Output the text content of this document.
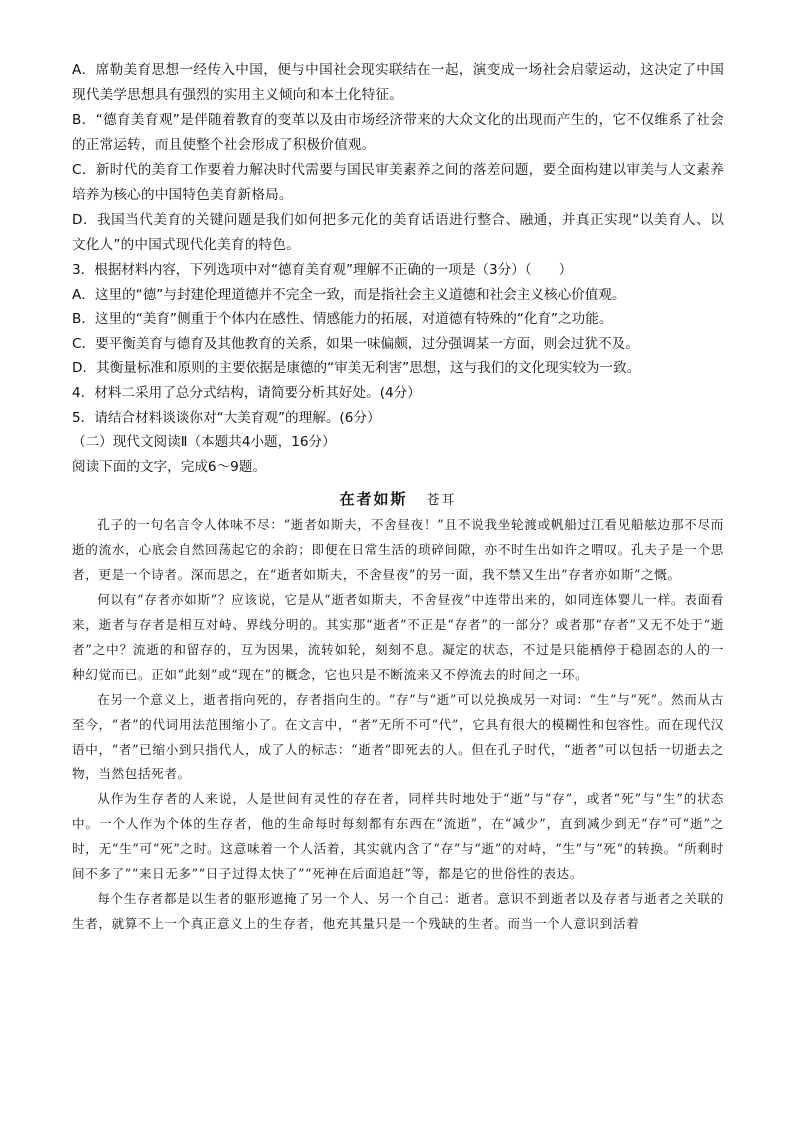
A．席勒美育思想一经传入中国，便与中国社会现实联结在一起，演变成一场社会启蒙运动，这决定了中国现代美学思想具有强烈的实用主义倾向和本土化特征。

B．“德育美育观”是伴随着教育的变革以及由市场经济带来的大众文化的出现而产生的，它不仅维系了社会的正常运转，而且使整个社会形成了积极价值观。

C．新时代的美育工作要着力解决时代需要与国民审美素养之间的落差问题，要全面构建以审美与人文素养培养为核心的中国特色美育新格局。

D．我国当代美育的关键问题是我们如何把多元化的美育话语进行整合、融通，并真正实现“以美育人、以文化人”的中国式现代化美育的特色。

3．根据材料内容，下列选项中对“德育美育观”理解不正确的一项是（3分）（　　）

A．这里的“德”与封建伦理道德并不完全一致，而是指社会主义道德和社会主义核心价值观。

B．这里的“美育”侧重于个体内在感性、情感能力的拓展，对道德有特殊的“化育”之功能。

C．要平衡美育与德育及其他教育的关系，如果一味偏颇，过分强调某一方面，则会过犹不及。

D．其衡量标准和原则的主要依据是康德的“审美无利害”思想，这与我们的文化现实较为一致。

4．材料二采用了总分式结构，请简要分析其好处。(4分）

5．请结合材料谈谈你对“大美育观”的理解。(6分）

（二）现代文阅读Ⅱ（本题共4小题，16分）

阅读下面的文字，完成6～9题。

在者如斯 苍耳

孔子的一句名言令人体味不尽：“逝者如斯夫，不舍昼夜！”且不说我坐轮渡或帆船过江看见船舷边那不尽而逝的流水，心底会自然回荡起它的余韵；即便在日常生活的琐碎间隙，亦不时生出如许之喟叹。孔夫子是一个思者，更是一个诗者。深而思之，在“逝者如斯夫，不舍昼夜”的另一面，我不禁又生出“存者亦如斯”之慨。

何以有“存者亦如斯”？应该说，它是从“逝者如斯夫，不舍昼夜”中连带出来的，如同连体婴儿一样。表面看来，逝者与存者是相互对峙、界线分明的。其实那“逝者”不正是“存者”的一部分？或者那“存者”又无不处于“逝者”之中？流逝的和留存的，互为因果，流转如轮，刻刻不息。凝定的状态，不过是只能栖停于稳固态的人的一种幻觉而已。正如“此刻”或“现在”的概念，它也只是不断流来又不停流去的时间之一环。

在另一个意义上，逝者指向死的，存者指向生的。“存”与“逝”可以兑换成另一对词：“生”与“死”。然而从古至今，“者”的代词用法范围缩小了。在文言中，“者”无所不可“代”，它具有很大的模糊性和包容性。而在现代汉语中，“者”已缩小到只指代人，成了人的标志：“逝者”即死去的人。但在孔子时代，“逝者”可以包括一切逝去之物，当然包括死者。

从作为生存者的人来说，人是世间有灵性的存在者，同样共时地处于“逝”与“存”，或者“死”与“生”的状态中。一个人作为个体的生存者，他的生命每时每刻都有东西在“流逝”，在“减少”，直到减少到无“存”可“逝”之时，无“生”可“死”之时。这意味着一个人活着，其实就内含了“存”与“逝”的对峙，“生”与“死”的转换。“所剩时间不多了”“来日无多”“日子过得太快了”“死神在后面追赶”等，都是它的世俗性的表达。

每个生存者都是以生者的躯形遮掩了另一个人、另一个自己：逝者。意识不到逝者以及存者与逝者之关联的生者，就算不上一个真正意义上的生存者，他充其量只是一个残缺的生者。而当一个人意识到活着
